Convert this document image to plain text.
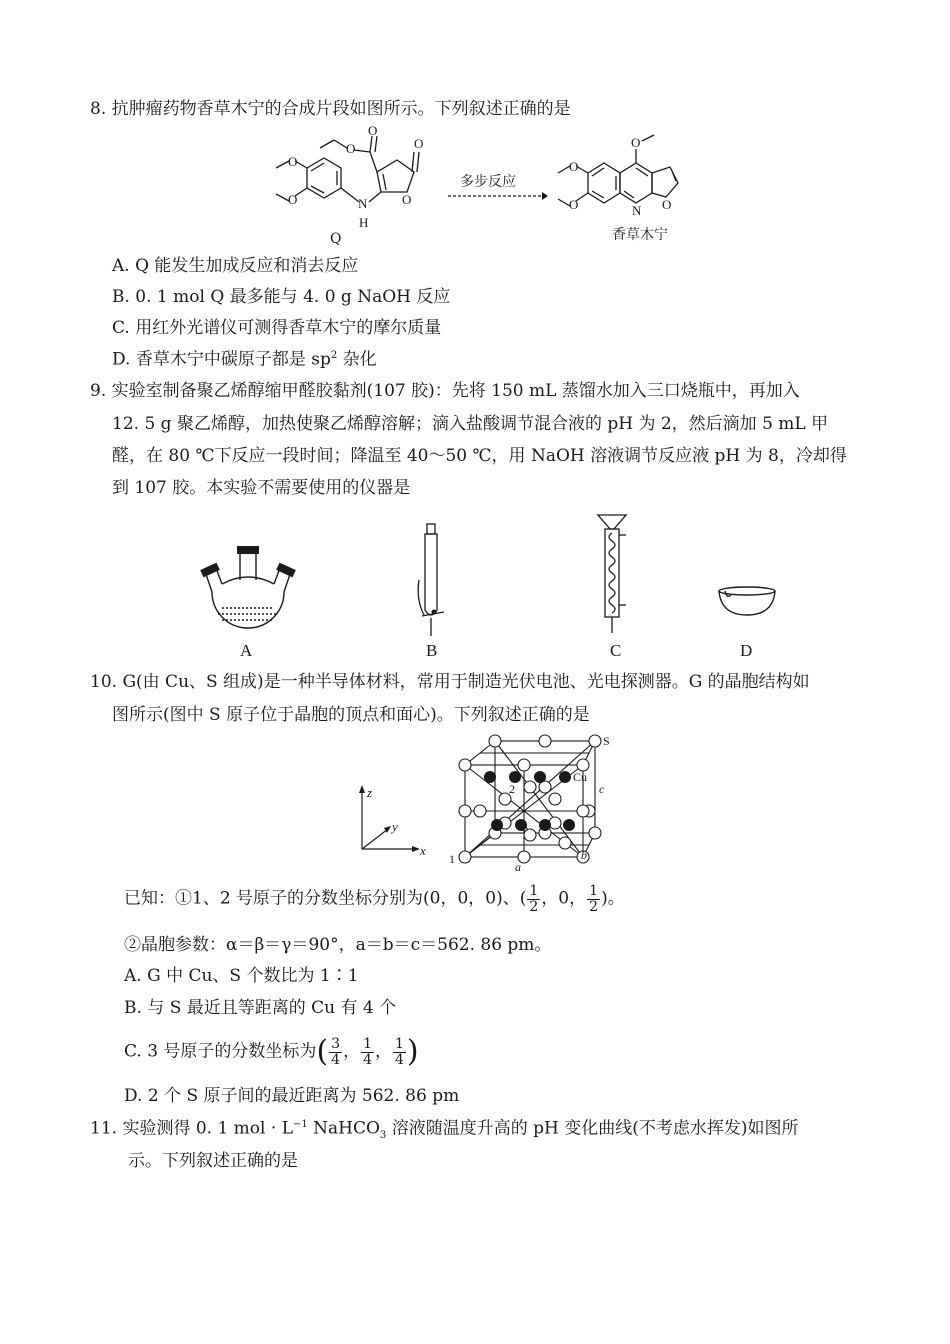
8. 抗肿瘤药物香草木宁的合成片段如图所示。下列叙述正确的是
O
O	N
H
O
O
O
O
Q
多步反应
O
O
O
N O
香草木宁
A. Q 能发生加成反应和消去反应
B. 0. 1 mol Q 最多能与 4. 0 g NaOH 反应
C. 用红外光谱仪可测得香草木宁的摩尔质量
D. 香草木宁中碳原子都是 $sp^2$ 杂化
9. 实验室制备聚乙烯醇缩甲醛胶黏剂(107 胶)：先将 150 mL 蒸馏水加入三口烧瓶中，再加入
12. 5 g 聚乙烯醇，加热使聚乙烯醇溶解；滴入盐酸调节混合液的 pH 为 2，然后滴加 5 mL 甲
醛，在 80 ℃下反应一段时间；降温至 40～50 ℃，用 NaOH 溶液调节反应液 pH 为 8，冷却得
到 107 胶。本实验不需要使用的仪器是
A	B	C	D
10. G(由 Cu、S 组成)是一种半导体材料，常用于制造光伏电池、光电探测器。G 的晶胞结构如
图所示(图中 S 原子位于晶胞的顶点和面心)。下列叙述正确的是
z
y
x
S
Cu
2
3
1
a
b
c
已知：①1、2 号原子的分数坐标分别为(0，0，0)、( $\frac{1}{2}$ ，0， $\frac{1}{2}$ )。
②晶胞参数：α＝β＝γ＝90°，a＝b＝c＝562. 86 pm。
A. G 中 Cu、S 个数比为 1∶1
B. 与 S 最近且等距离的 Cu 有 4 个
C. 3 号原子的分数坐标为( $\frac{3}{4}$ ， $\frac{1}{4}$ ， $\frac{1}{4}$ )
D. 2 个 S 原子间的最近距离为 562. 86 pm
11. 实验测得 0. 1 mol · $L^{-1}$ NaHCO$_3$ 溶液随温度升高的 pH 变化曲线(不考虑水挥发)如图所
示。下列叙述正确的是
